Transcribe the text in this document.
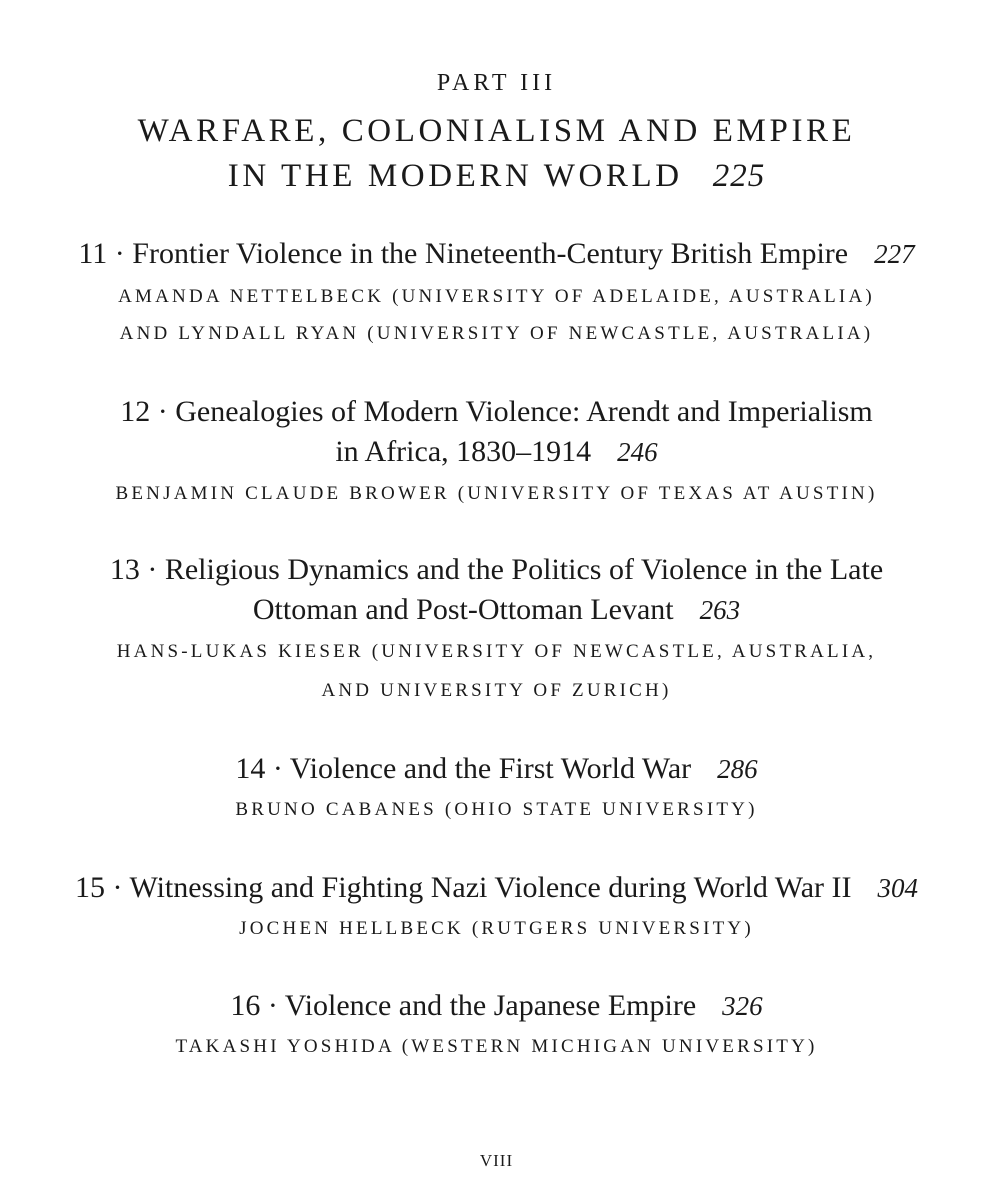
PART III
WARFARE, COLONIALISM AND EMPIRE
IN THE MODERN WORLD 225
11 · Frontier Violence in the Nineteenth-Century British Empire 227
AMANDA NETTELBECK (UNIVERSITY OF ADELAIDE, AUSTRALIA)
AND LYNDALL RYAN (UNIVERSITY OF NEWCASTLE, AUSTRALIA)
12 · Genealogies of Modern Violence: Arendt and Imperialism
in Africa, 1830–1914 246
BENJAMIN CLAUDE BROWER (UNIVERSITY OF TEXAS AT AUSTIN)
13 · Religious Dynamics and the Politics of Violence in the Late
Ottoman and Post-Ottoman Levant 263
HANS-LUKAS KIESER (UNIVERSITY OF NEWCASTLE, AUSTRALIA,
AND UNIVERSITY OF ZURICH)
14 · Violence and the First World War 286
BRUNO CABANES (OHIO STATE UNIVERSITY)
15 · Witnessing and Fighting Nazi Violence during World War II 304
JOCHEN HELLBECK (RUTGERS UNIVERSITY)
16 · Violence and the Japanese Empire 326
TAKASHI YOSHIDA (WESTERN MICHIGAN UNIVERSITY)
VIII
